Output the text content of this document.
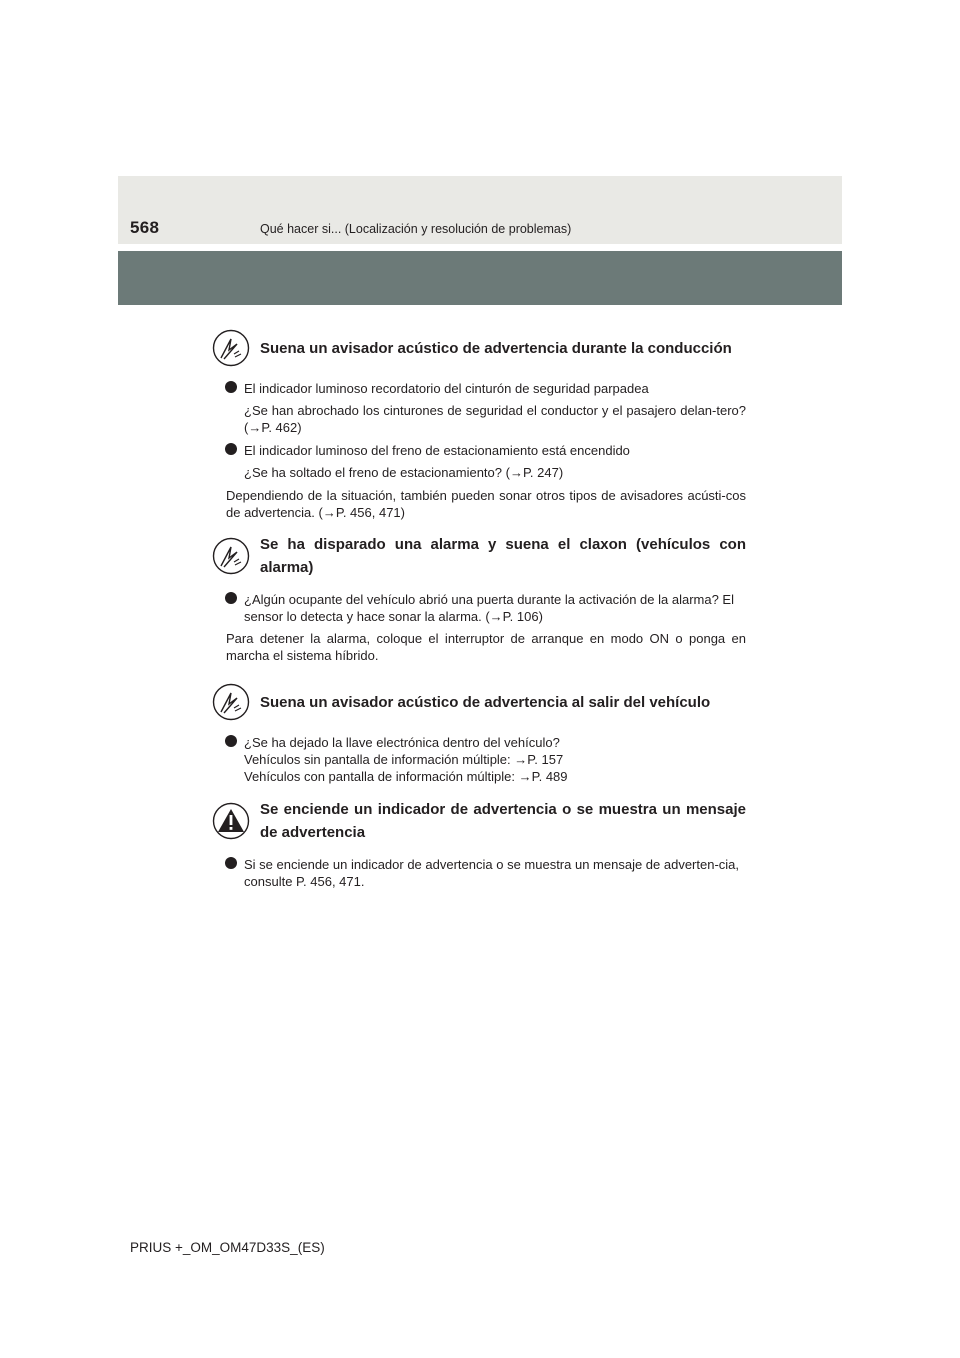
568	Qué hacer si... (Localización y resolución de problemas)
Suena un avisador acústico de advertencia durante la conducción
El indicador luminoso recordatorio del cinturón de seguridad parpadea
¿Se han abrochado los cinturones de seguridad el conductor y el pasajero delan-tero? (→P. 462)
El indicador luminoso del freno de estacionamiento está encendido
¿Se ha soltado el freno de estacionamiento? (→P. 247)
Dependiendo de la situación, también pueden sonar otros tipos de avisadores acústi-cos de advertencia. (→P. 456, 471)
Se ha disparado una alarma y suena el claxon (vehículos con alarma)
¿Algún ocupante del vehículo abrió una puerta durante la activación de la alarma? El sensor lo detecta y hace sonar la alarma. (→P. 106)
Para detener la alarma, coloque el interruptor de arranque en modo ON o ponga en marcha el sistema híbrido.
Suena un avisador acústico de advertencia al salir del vehículo
¿Se ha dejado la llave electrónica dentro del vehículo?
Vehículos sin pantalla de información múltiple: →P. 157
Vehículos con pantalla de información múltiple: →P. 489
Se enciende un indicador de advertencia o se muestra un mensaje de advertencia
Si se enciende un indicador de advertencia o se muestra un mensaje de adverten-cia, consulte P. 456, 471.
PRIUS +_OM_OM47D33S_(ES)
